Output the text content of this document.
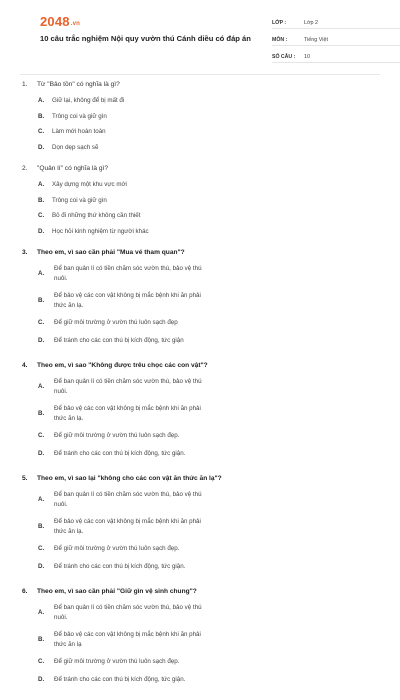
2048.vn
10 câu trắc nghiệm Nội quy vườn thú Cánh diều có đáp án
LỚP :	Lớp 2
MÔN :	Tiếng Việt
SỐ CÂU :	10
1.	Từ "Bảo tồn" có nghĩa là gì?
A.	Giữ lại, không để bị mất đi
B.	Trông coi và giữ gìn
C.	Làm mới hoàn toàn
D.	Dọn dẹp sạch sẽ
2.	"Quản lí" có nghĩa là gì?
A.	Xây dựng một khu vực mới
B.	Trông coi và giữ gìn
C.	Bỏ đi những thứ không cần thiết
D.	Học hỏi kinh nghiệm từ người khác
3.	Theo em, vì sao cần phải "Mua vé tham quan"?
A.
Để ban quản lí có tiền chăm sóc vườn thú, bảo vệ thú nuôi.
B.
Để bảo vệ các con vật không bị mắc bệnh khi ăn phải thức ăn lạ.
C.	Để giữ môi trường ở vườn thú luôn sạch đẹp
D.	Để tránh cho các con thú bị kích động, tức giận
4.	Theo em, vì sao "Không được trêu chọc các con vật"?
A.
Để ban quản lí có tiền chăm sóc vườn thú, bảo vệ thú nuôi.
B.
Để bảo vệ các con vật không bị mắc bệnh khi ăn phải thức ăn lạ.
C.	Để giữ môi trường ở vườn thú luôn sạch đẹp.
D.	Để tránh cho các con thú bị kích động, tức giận.
5.	Theo em, vì sao lại "không cho các con vật ăn thức ăn lạ"?
A.
Để ban quản lí có tiền chăm sóc vườn thú, bảo vệ thú nuôi.
B.
Để bảo vệ các con vật không bị mắc bệnh khi ăn phải thức ăn lạ.
C.	Để giữ môi trường ở vườn thú luôn sạch đẹp.
D.	Để tránh cho các con thú bị kích động, tức giận.
6.	Theo em, vì sao cần phải "Giữ gìn vệ sinh chung"?
A.
Để ban quản lí có tiền chăm sóc vườn thú, bảo vệ thú nuôi.
B.
Để bảo vệ các con vật không bị mắc bệnh khi ăn phải thức ăn lạ
C.	Để giữ môi trường ở vườn thú luôn sạch đẹp.
D.	Để tránh cho các con thú bị kích động, tức giận.
